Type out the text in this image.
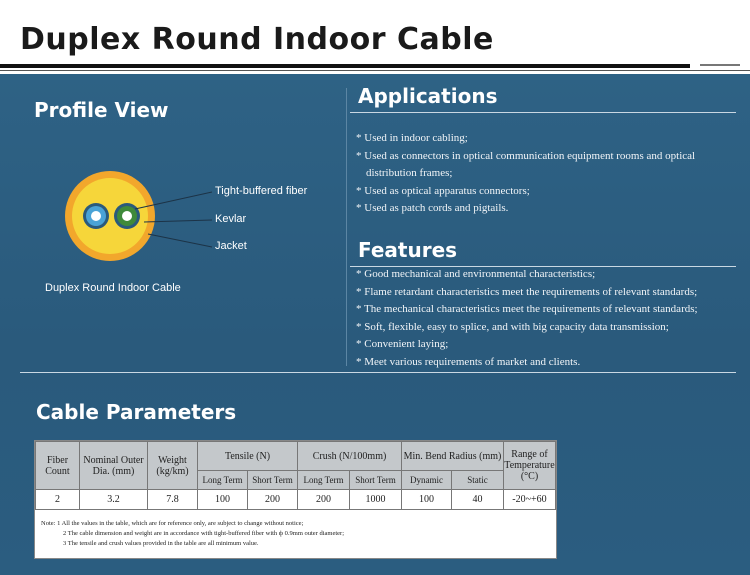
Duplex Round Indoor Cable
Profile View
Tight-buffered fiber
Kevlar
Jacket
Duplex Round Indoor Cable
Applications
* Used in indoor cabling;
* Used as connectors in optical communication equipment rooms and optical
distribution frames;
* Used as optical apparatus connectors;
* Used as patch cords and pigtails.
Features
* Good mechanical and environmental characteristics;
* Flame retardant characteristics meet the requirements of relevant standards;
* The mechanical characteristics meet the requirements of relevant standards;
* Soft, flexible, easy to splice, and with big capacity data transmission;
* Convenient laying;
* Meet various requirements of market and clients.
Cable Parameters
Fiber Count	Nominal Outer Dia. (mm)	Weight (kg/km)	Tensile (N)		Crush (N/100mm)		Min. Bend Radius (mm)		Range of Temperature (°C)
			Long Term	Short Term	Long Term	Short Term	Dynamic	Static	
2	3.2	7.8	100	200	200	1000	100	40	-20~+60
Note: 1 All the values in the table, which are for reference only, are subject to change without notice;
2 The cable dimension and weight are in accordance with tight-buffered fiber with ф 0.9mm outer diameter;
3 The tensile and crush values provided in the table are all minimum value.
